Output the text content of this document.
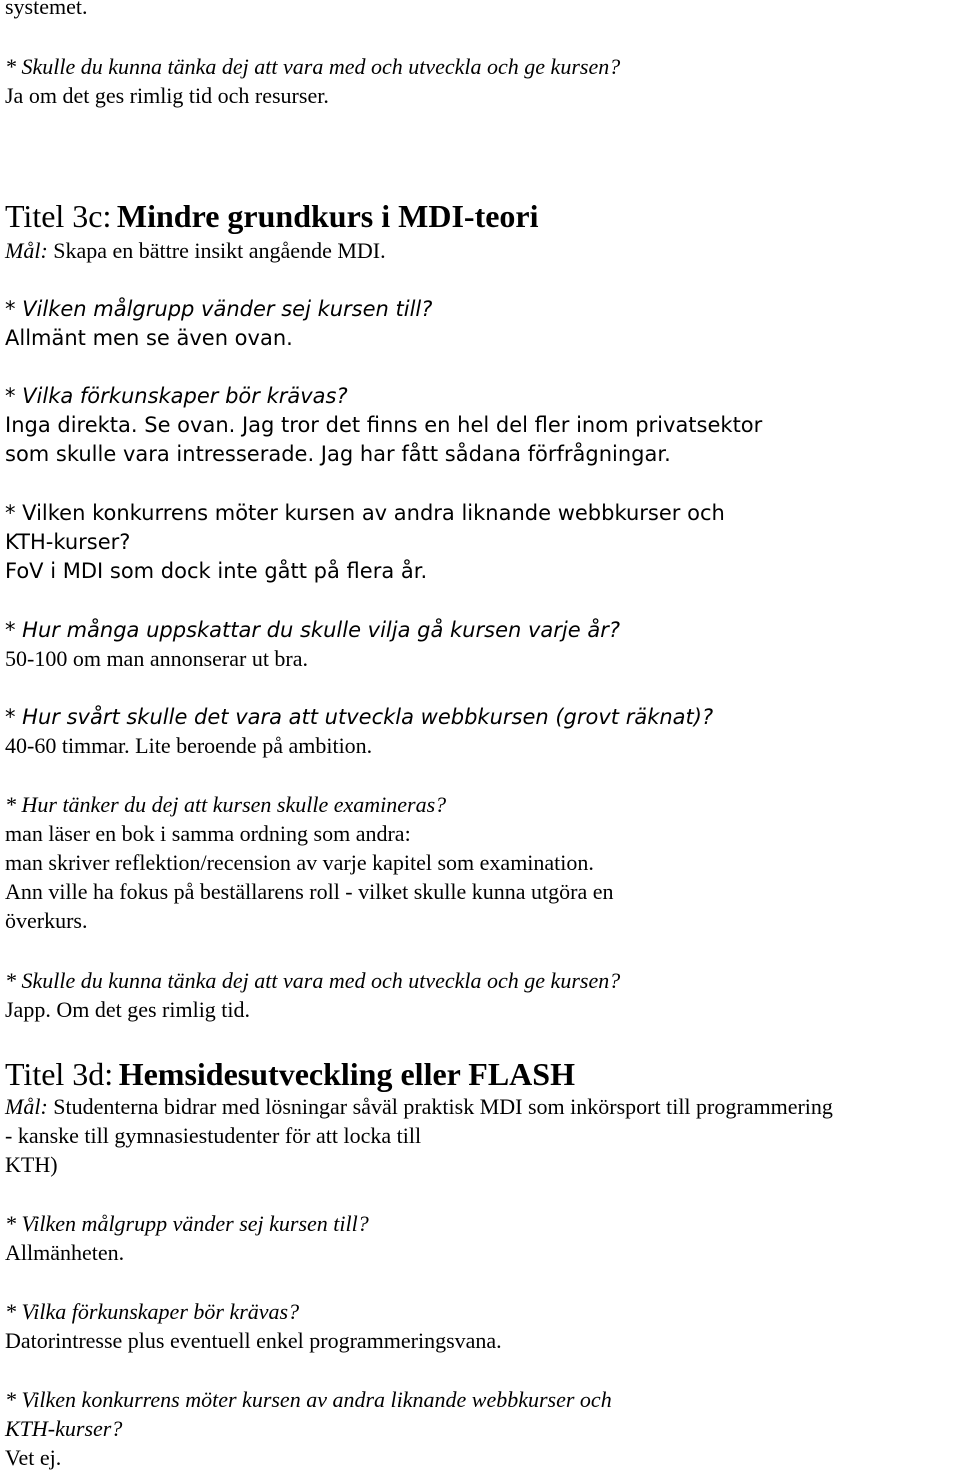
systemet.
* Skulle du kunna tänka dej att vara med och utveckla och ge kursen?
Ja om det ges rimlig tid och resurser.
Titel 3c: Mindre grundkurs i MDI-teori
Mål: Skapa en bättre insikt angående MDI.
* Vilken målgrupp vänder sej kursen till?
Allmänt men se även ovan.
* Vilka förkunskaper bör krävas?
Inga direkta. Se ovan. Jag tror det finns en hel del fler inom privatsektor
som skulle vara intresserade. Jag har fått sådana förfrågningar.
* Vilken konkurrens möter kursen av andra liknande webbkurser och
KTH-kurser?
FoV i MDI som dock inte gått på flera år.
* Hur många uppskattar du skulle vilja gå kursen varje år?
50-100 om man annonserar ut bra.
* Hur svårt skulle det vara att utveckla webbkursen (grovt räknat)?
40-60 timmar. Lite beroende på ambition.
* Hur tänker du dej att kursen skulle examineras?
man läser en bok i samma ordning som andra:
man skriver reflektion/recension av varje kapitel som examination.
Ann ville ha fokus på beställarens roll - vilket skulle kunna utgöra en
överkurs.
* Skulle du kunna tänka dej att vara med och utveckla och ge kursen?
Japp. Om det ges rimlig tid.
Titel 3d: Hemsidesutveckling eller FLASH
Mål: Studenterna bidrar med lösningar såväl praktisk MDI som inkörsport till programmering
- kanske till gymnasiestudenter för att locka till
KTH)
* Vilken målgrupp vänder sej kursen till?
Allmänheten.
* Vilka förkunskaper bör krävas?
Datorintresse plus eventuell enkel programmeringsvana.
* Vilken konkurrens möter kursen av andra liknande webbkurser och
KTH-kurser?
Vet ej.
